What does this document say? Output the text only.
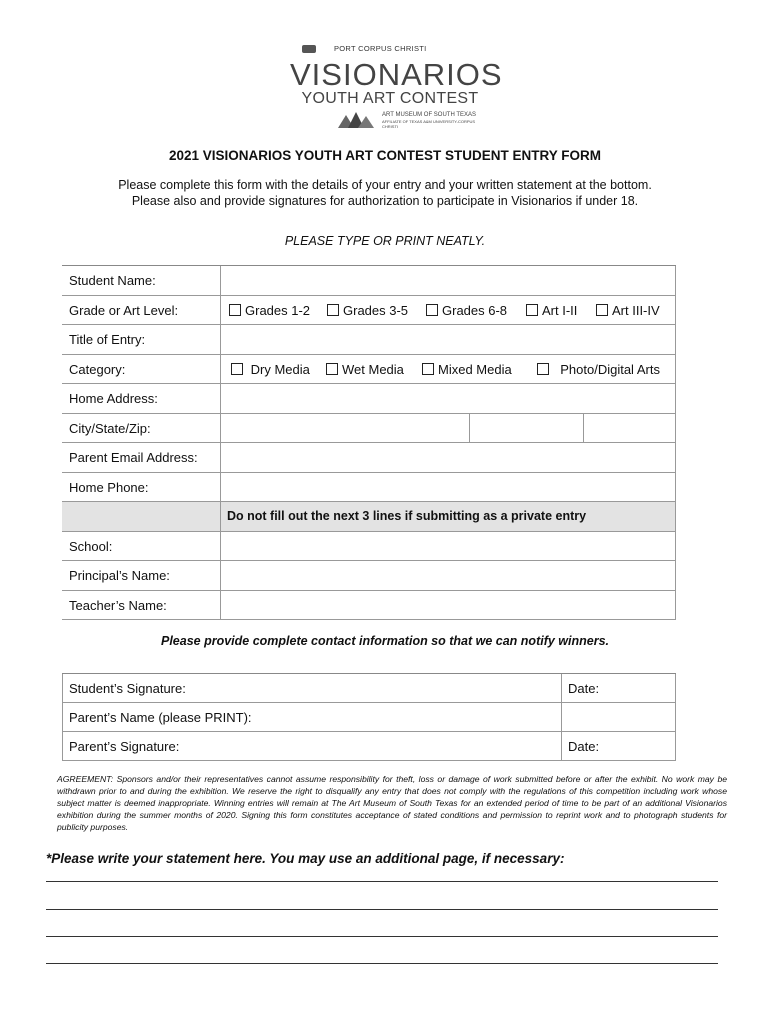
PORT CORPUS CHRISTI
VISIONARIOS
YOUTH ART CONTEST
ART MUSEUM OF SOUTH TEXAS
AFFILIATE OF TEXAS A&M UNIVERSITY-CORPUS CHRISTI
2021 VISIONARIOS YOUTH ART CONTEST STUDENT ENTRY FORM
Please complete this form with the details of your entry and your written statement at the bottom.
Please also and provide signatures for authorization to participate in Visionarios if under 18.
PLEASE TYPE OR PRINT NEATLY.
Student Name:
Grade or Art Level:	Grades 1-2	Grades 3-5	Grades 6-8	Art I-II	Art III-IV
Title of Entry:
Category:	Dry Media	Wet Media	Mixed Media	Photo/Digital Arts
Home Address:
City/State/Zip:
Parent Email Address:
Home Phone:
Do not fill out the next 3 lines if submitting as a private entry
School:
Principal’s Name:
Teacher’s Name:
Please provide complete contact information so that we can notify winners.
Student’s Signature:	Date:
Parent’s Name (please PRINT):
Parent’s Signature:	Date:
AGREEMENT: Sponsors and/or their representatives cannot assume responsibility for theft, loss or damage of work submitted before or after the exhibit. No work may be withdrawn prior to and during the exhibition. We reserve the right to disqualify any entry that does not comply with the regulations of this competition including work whose subject matter is deemed inappropriate. Winning entries will remain at The Art Museum of South Texas for an extended period of time to be part of an additional Visionarios exhibition during the summer months of 2020. Signing this form constitutes acceptance of stated conditions and permission to reprint work and to photograph students for publicity purposes.
*Please write your statement here. You may use an additional page, if necessary:
